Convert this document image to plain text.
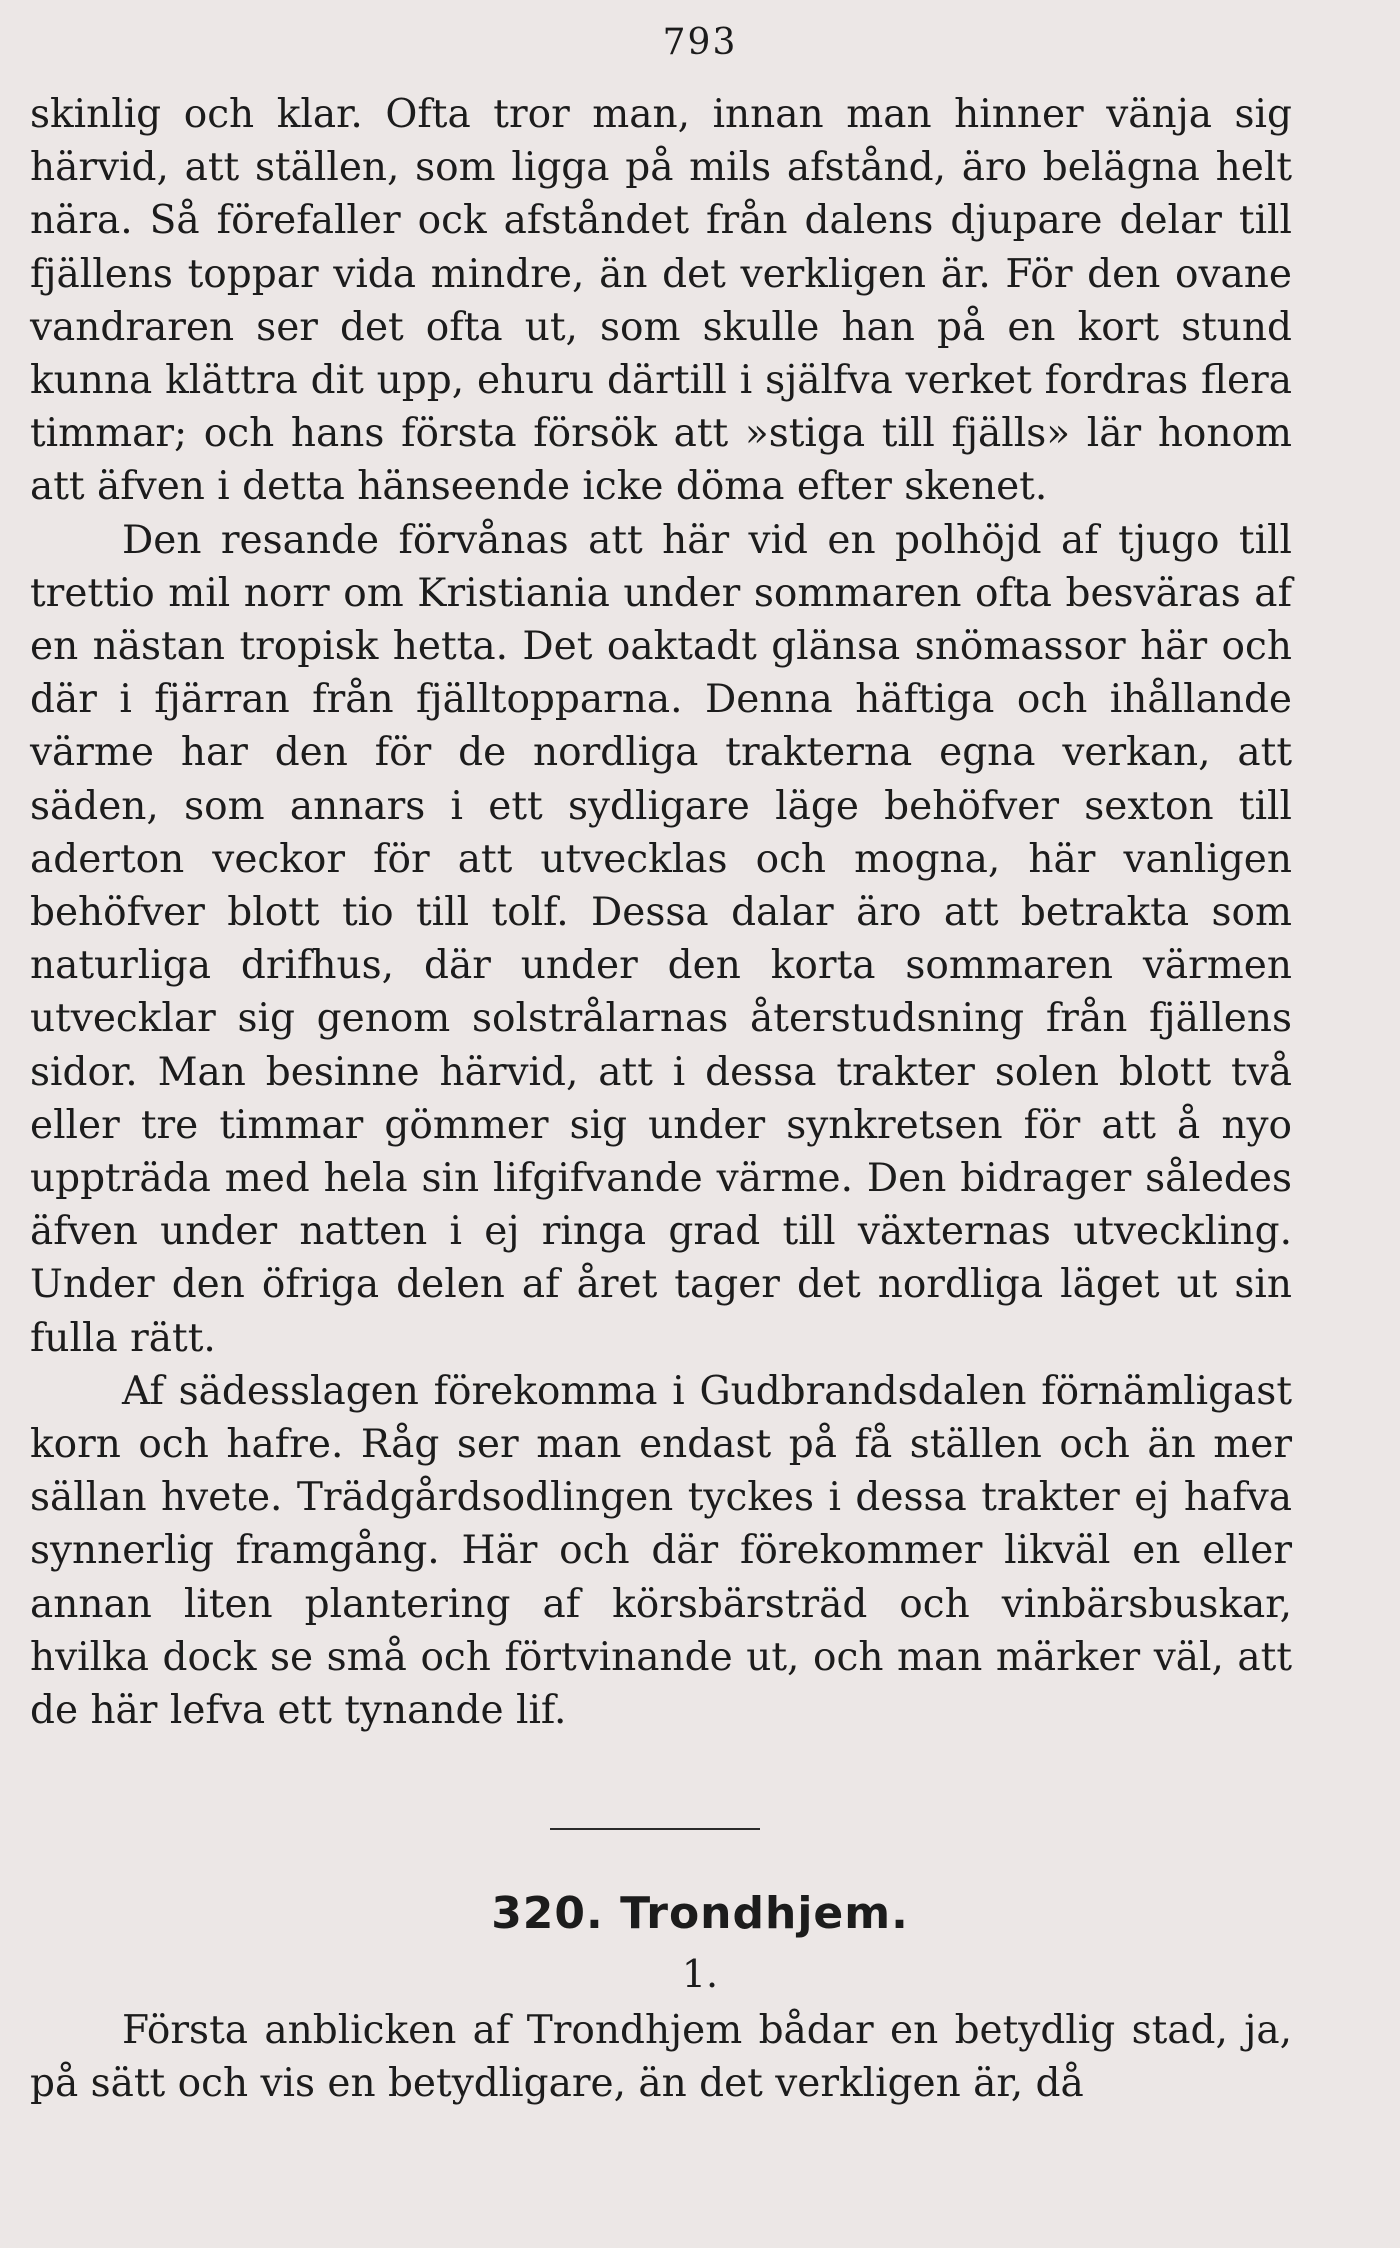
793

skinlig och klar. Ofta tror man, innan man hinner vänja sig härvid, att ställen, som ligga på mils afstånd, äro belägna helt nära. Så förefaller ock afståndet från dalens djupare delar till fjällens toppar vida mindre, än det verkligen är. För den ovane vandraren ser det ofta ut, som skulle han på en kort stund kunna klättra dit upp, ehuru därtill i själfva verket fordras flera timmar; och hans första försök att »stiga till fjälls» lär honom att äfven i detta hänseende icke döma efter skenet.

Den resande förvånas att här vid en polhöjd af tjugo till trettio mil norr om Kristiania under sommaren ofta besväras af en nästan tropisk hetta. Det oaktadt glänsa snömassor här och där i fjärran från fjälltopparna. Denna häftiga och ihållande värme har den för de nordliga trakterna egna verkan, att säden, som annars i ett sydligare läge behöfver sexton till aderton veckor för att utvecklas och mogna, här vanligen behöfver blott tio till tolf. Dessa dalar äro att betrakta som naturliga drifhus, där under den korta sommaren värmen utvecklar sig genom solstrålarnas återstudsning från fjällens sidor. Man besinne härvid, att i dessa trakter solen blott två eller tre timmar gömmer sig under synkretsen för att å nyo uppträda med hela sin lifgifvande värme. Den bidrager således äfven under natten i ej ringa grad till växternas utveckling. Under den öfriga delen af året tager det nordliga läget ut sin fulla rätt.

Af sädesslagen förekomma i Gudbrandsdalen förnämligast korn och hafre. Råg ser man endast på få ställen och än mer sällan hvete. Trädgårdsodlingen tyckes i dessa trakter ej hafva synnerlig framgång. Här och där förekommer likväl en eller annan liten plantering af körsbärsträd och vinbärsbuskar, hvilka dock se små och förtvinande ut, och man märker väl, att de här lefva ett tynande lif.

320. Trondhjem.
1.

Första anblicken af Trondhjem bådar en betydlig stad, ja, på sätt och vis en betydligare, än det verkligen är, då
